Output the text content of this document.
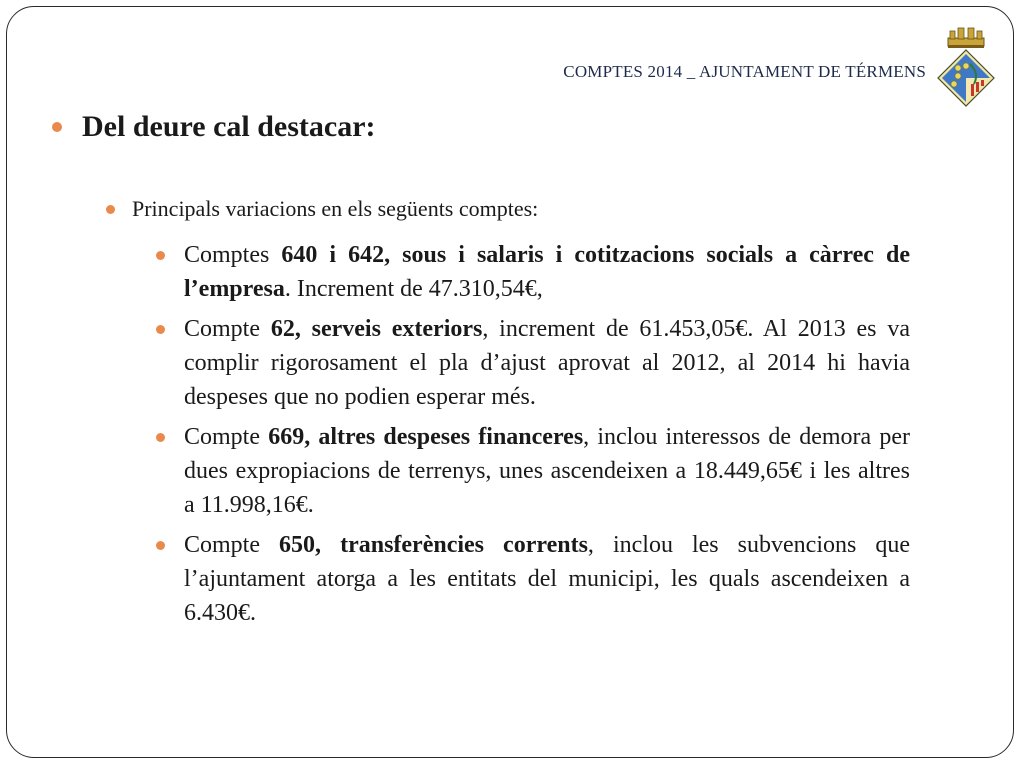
COMPTES 2014 _ AJUNTAMENT DE TÉRMENS
Del deure cal destacar:
Principals variacions en els següents comptes:
Comptes 640 i 642, sous i salaris i cotitzacions socials a càrrec de l’empresa. Increment de 47.310,54€,
Compte 62, serveis exteriors, increment de 61.453,05€. Al 2013 es va complir rigorosament el pla d’ajust aprovat al 2012, al 2014 hi havia despeses que no podien esperar més.
Compte 669, altres despeses financeres, inclou interessos de demora per dues expropiacions de terrenys, unes ascendeixen a 18.449,65€ i les altres a 11.998,16€.
Compte 650, transferències corrents, inclou les subvencions que l’ajuntament atorga a les entitats del municipi, les quals ascendeixen a 6.430€.
